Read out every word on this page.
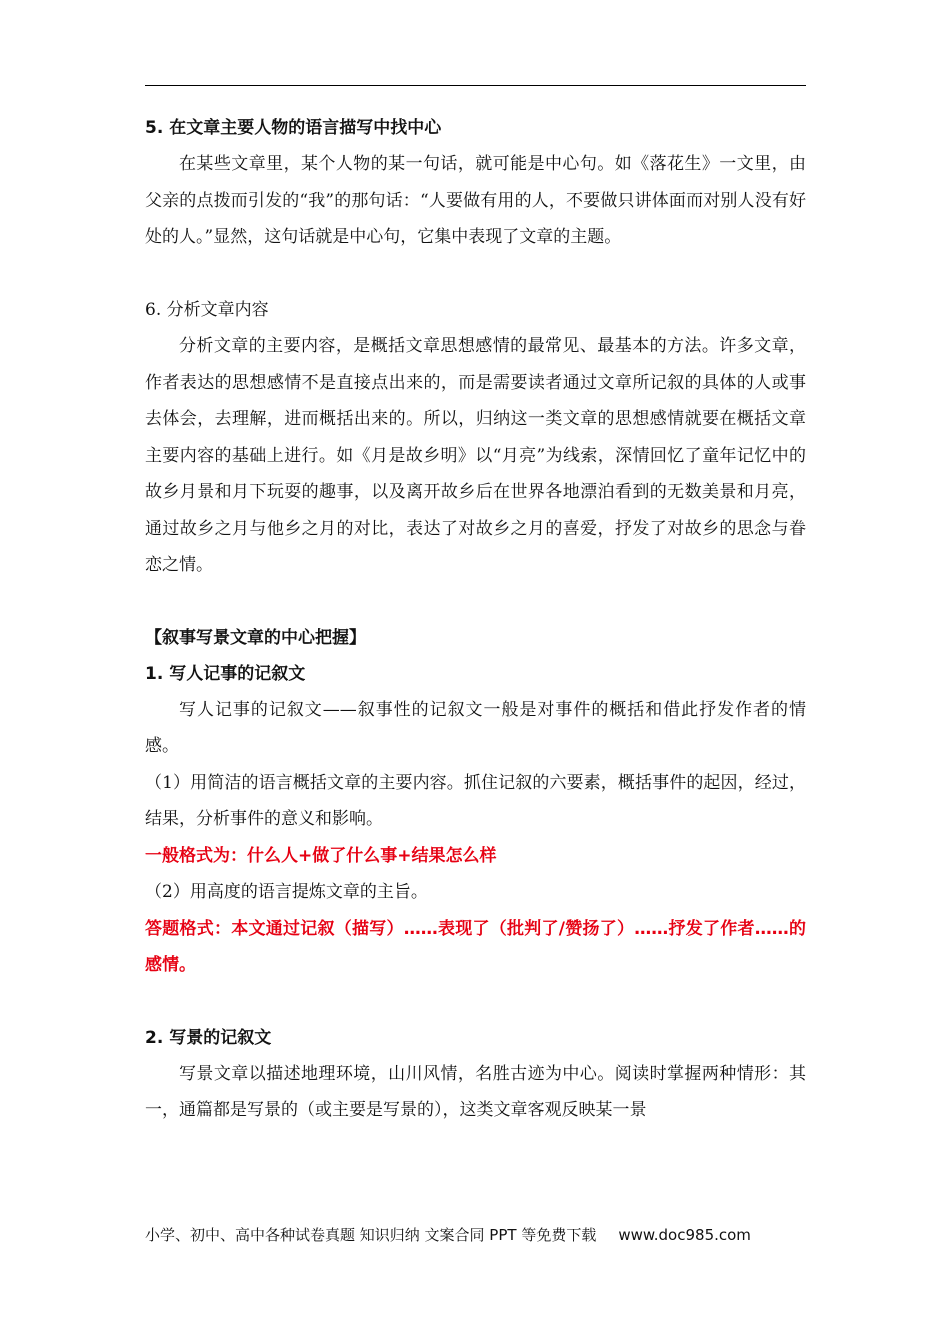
5. 在文章主要人物的语言描写中找中心

在某些文章里，某个人物的某一句话，就可能是中心句。如《落花生》一文里，由父亲的点拨而引发的“我”的那句话：“人要做有用的人，不要做只讲体面而对别人没有好处的人。”显然，这句话就是中心句，它集中表现了文章的主题。

6. 分析文章内容

分析文章的主要内容，是概括文章思想感情的最常见、最基本的方法。许多文章，作者表达的思想感情不是直接点出来的，而是需要读者通过文章所记叙的具体的人或事去体会，去理解，进而概括出来的。所以，归纳这一类文章的思想感情就要在概括文章主要内容的基础上进行。如《月是故乡明》以“月亮”为线索，深情回忆了童年记忆中的故乡月景和月下玩耍的趣事，以及离开故乡后在世界各地漂泊看到的无数美景和月亮，通过故乡之月与他乡之月的对比，表达了对故乡之月的喜爱，抒发了对故乡的思念与眷恋之情。

【叙事写景文章的中心把握】

1. 写人记事的记叙文

写人记事的记叙文——叙事性的记叙文一般是对事件的概括和借此抒发作者的情感。

（1）用简洁的语言概括文章的主要内容。抓住记叙的六要素，概括事件的起因，经过，结果，分析事件的意义和影响。

一般格式为：什么人+做了什么事+结果怎么样

（2）用高度的语言提炼文章的主旨。

答题格式：本文通过记叙（描写）……表现了（批判了/赞扬了）……抒发了作者……的感情。

2. 写景的记叙文

写景文章以描述地理环境，山川风情，名胜古迹为中心。阅读时掌握两种情形：其一，通篇都是写景的（或主要是写景的），这类文章客观反映某一景

小学、初中、高中各种试卷真题 知识归纳 文案合同 PPT 等免费下载 www.doc985.com
